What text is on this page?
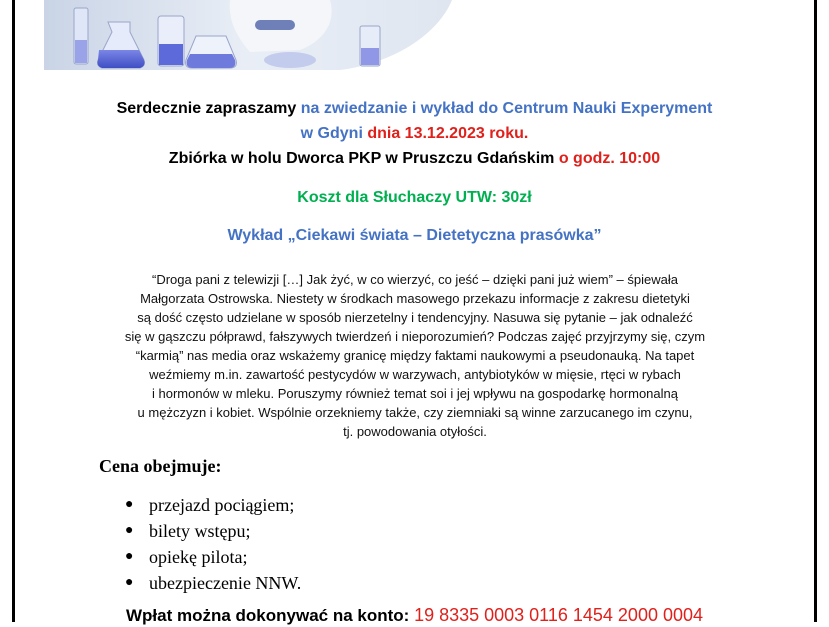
Serdecznie zapraszamy na zwiedzanie i wykład do Centrum Nauki Experyment
w Gdyni dnia 13.12.2023 roku.
Zbiórka w holu Dworca PKP w Pruszczu Gdańskim o godz. 10:00
Koszt dla Słuchaczy UTW: 30zł
Wykład „Ciekawi świata – Dietetyczna prasówka”
“Droga pani z telewizji […] Jak żyć, w co wierzyć, co jeść – dzięki pani już wiem” – śpiewała
Małgorzata Ostrowska. Niestety w środkach masowego przekazu informacje z zakresu dietetyki
są dość często udzielane w sposób nierzetelny i tendencyjny. Nasuwa się pytanie – jak odnaleźć
się w gąszczu półprawd, fałszywych twierdzeń i nieporozumień? Podczas zajęć przyjrzymy się, czym
“karmią” nas media oraz wskażemy granicę między faktami naukowymi a pseudonauką. Na tapet
weźmiemy m.in. zawartość pestycydów w warzywach, antybiotyków w mięsie, rtęci w rybach
i hormonów w mleku. Poruszymy również temat soi i jej wpływu na gospodarkę hormonalną
u mężczyzn i kobiet. Wspólnie orzekniemy także, czy ziemniaki są winne zarzucanego im czynu,
tj. powodowania otyłości.
Cena obejmuje:
● przejazd pociągiem;
● bilety wstępu;
● opiekę pilota;
● ubezpieczenie NNW.
Wpłat można dokonywać na konto: 19 8335 0003 0116 1454 2000 0004
